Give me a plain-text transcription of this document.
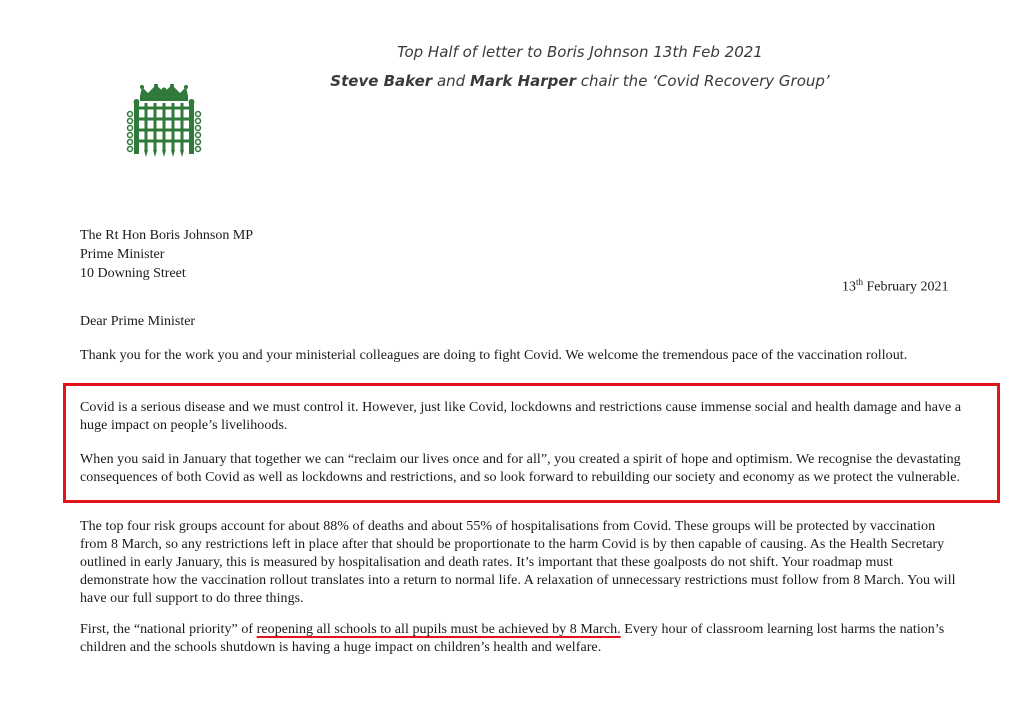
Top Half of letter to Boris Johnson 13th Feb 2021
Steve Baker and Mark Harper chair the ‘Covid Recovery Group’
The Rt Hon Boris Johnson MP
Prime Minister
10 Downing Street
13th February 2021
Dear Prime Minister
Thank you for the work you and your ministerial colleagues are doing to fight Covid. We welcome the tremendous pace of the vaccination rollout.
Covid is a serious disease and we must control it. However, just like Covid, lockdowns and restrictions cause immense social and health damage and have a huge impact on people’s livelihoods.
When you said in January that together we can “reclaim our lives once and for all”, you created a spirit of hope and optimism. We recognise the devastating consequences of both Covid as well as lockdowns and restrictions, and so look forward to rebuilding our society and economy as we protect the vulnerable.
The top four risk groups account for about 88% of deaths and about 55% of hospitalisations from Covid. These groups will be protected by vaccination from 8 March, so any restrictions left in place after that should be proportionate to the harm Covid is by then capable of causing. As the Health Secretary outlined in early January, this is measured by hospitalisation and death rates. It’s important that these goalposts do not shift. Your roadmap must demonstrate how the vaccination rollout translates into a return to normal life. A relaxation of unnecessary restrictions must follow from 8 March. You will have our full support to do three things.
First, the “national priority” of reopening all schools to all pupils must be achieved by 8 March. Every hour of classroom learning lost harms the nation’s children and the schools shutdown is having a huge impact on children’s health and welfare.
